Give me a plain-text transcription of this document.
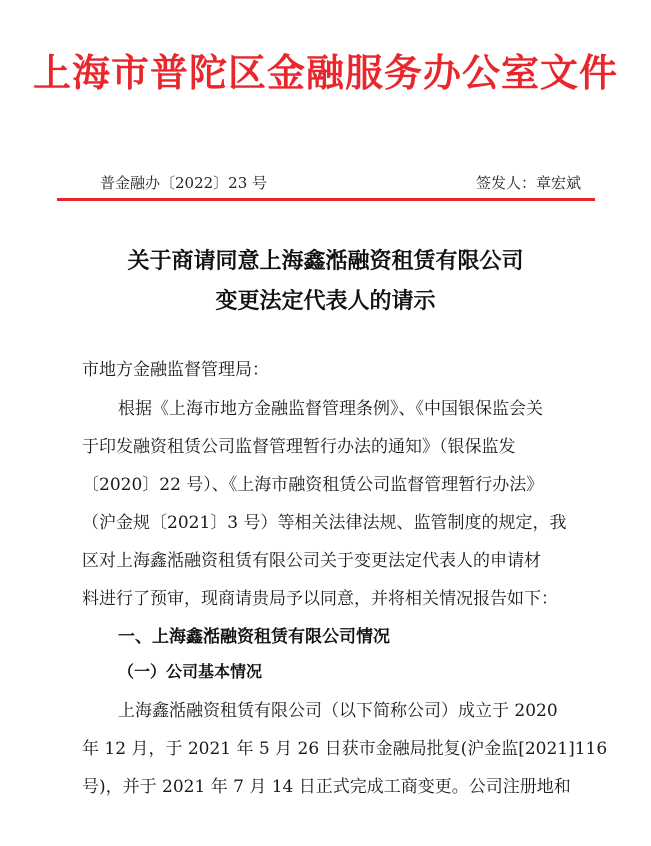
上海市普陀区金融服务办公室文件
普金融办〔2022〕23 号	签发人：章宏斌
关于商请同意上海鑫湉融资租赁有限公司
变更法定代表人的请示
市地方金融监督管理局：
根据《上海市地方金融监督管理条例》、《中国银保监会关
于印发融资租赁公司监督管理暂行办法的通知》（银保监发
〔2020〕22 号）、《上海市融资租赁公司监督管理暂行办法》
（沪金规〔2021〕3 号）等相关法律法规、监管制度的规定，我
区对上海鑫湉融资租赁有限公司关于变更法定代表人的申请材
料进行了预审，现商请贵局予以同意，并将相关情况报告如下：
一、上海鑫湉融资租赁有限公司情况
（一）公司基本情况
上海鑫湉融资租赁有限公司（以下简称公司）成立于 2020
年 12 月，于 2021 年 5 月 26 日获市金融局批复(沪金监[2021]116
号)，并于 2021 年 7 月 14 日正式完成工商变更。公司注册地和
